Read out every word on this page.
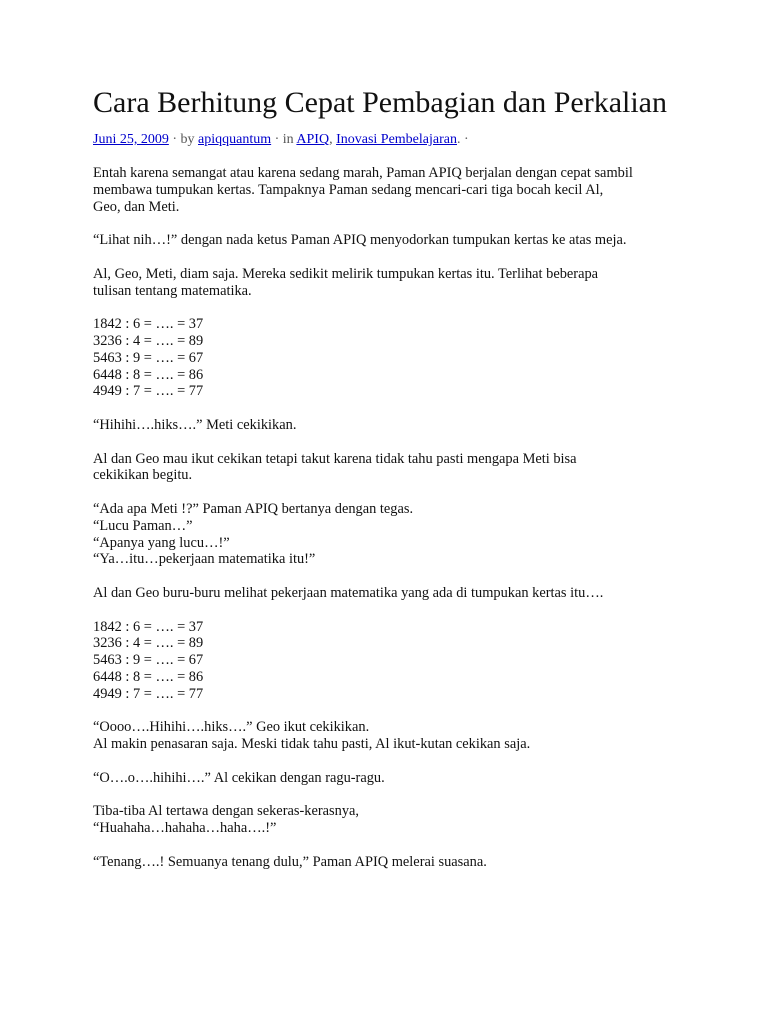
Cara Berhitung Cepat Pembagian dan Perkalian
Juni 25, 2009 · by apiqquantum · in APIQ, Inovasi Pembelajaran. ·

Entah karena semangat atau karena sedang marah, Paman APIQ berjalan dengan cepat sambil
membawa tumpukan kertas. Tampaknya Paman sedang mencari-cari tiga bocah kecil Al,
Geo, dan Meti.

“Lihat nih…!” dengan nada ketus Paman APIQ menyodorkan tumpukan kertas ke atas meja.

Al, Geo, Meti, diam saja. Mereka sedikit melirik tumpukan kertas itu. Terlihat beberapa
tulisan tentang matematika.

1842 : 6 = …. = 37
3236 : 4 = …. = 89
5463 : 9 = …. = 67
6448 : 8 = …. = 86
4949 : 7 = …. = 77

“Hihihi….hiks….” Meti cekikikan.

Al dan Geo mau ikut cekikan tetapi takut karena tidak tahu pasti mengapa Meti bisa
cekikikan begitu.

“Ada apa Meti !?” Paman APIQ bertanya dengan tegas.
“Lucu Paman…”
“Apanya yang lucu…!”
“Ya…itu…pekerjaan matematika itu!”

Al dan Geo buru-buru melihat pekerjaan matematika yang ada di tumpukan kertas itu….

1842 : 6 = …. = 37
3236 : 4 = …. = 89
5463 : 9 = …. = 67
6448 : 8 = …. = 86
4949 : 7 = …. = 77

“Oooo….Hihihi….hiks….” Geo ikut cekikikan.
Al makin penasaran saja. Meski tidak tahu pasti, Al ikut-kutan cekikan saja.

“O….o….hihihi….” Al cekikan dengan ragu-ragu.

Tiba-tiba Al tertawa dengan sekeras-kerasnya,
“Huahaha…hahaha…haha….!”

“Tenang….! Semuanya tenang dulu,” Paman APIQ melerai suasana.
